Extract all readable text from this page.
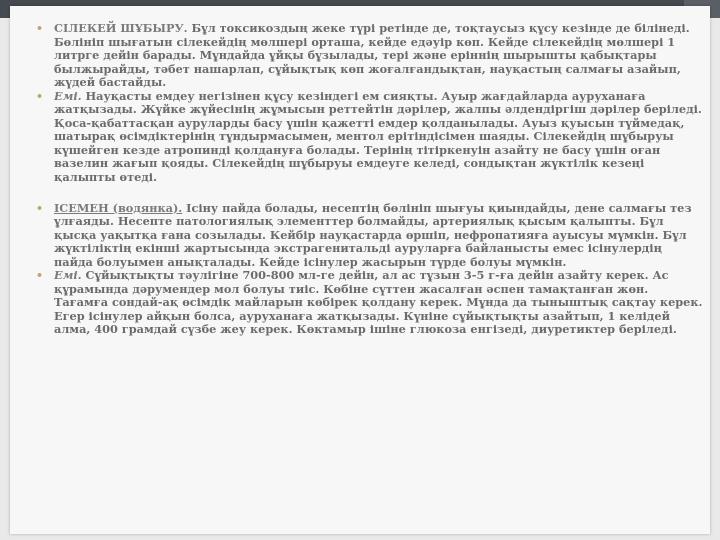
• СІЛЕКЕЙ ШҰБЫРУ. Бұл токсикоздың жеке түрі ретінде де, тоқтаусыз құсу кезінде де білінеді. Бөлініп шығатын сілекейдің мөлшері орташа, кейде едәуір көп. Кейде сілекейдің мөлшері 1 литрге дейін барады. Мұндайда ұйқы бұзылады, тері және еріннің шырышты қабықтары былжырайды, тәбет нашарлап, сұйықтық көп жоғалғандықтан, науқастың салмағы азайып, жүдей бастайды.

• Емі. Науқасты емдеу негізінен құсу кезіндегі ем сияқты. Ауыр жағдайларда ауруханаға жатқызады. Жүйке жүйесінің жұмысын реттейтін дәрілер, жалпы әлдендіргіш дәрілер беріледі. Қоса-қабаттасқан ауруларды басу үшін қажетті емдер қолданылады. Ауыз қуысын түймедақ, шатырақ өсімдіктерінің тұндырмасымен, ментол ерітіндісімен шаяды. Сілекейдің шұбыруы күшейген кезде атропинді қолдануға болады. Терінің тітіркенуін азайту не басу үшін оған вазелин жағып қояды. Сілекейдің шұбыруы емдеуге келеді, сондықтан жүктілік кезеңі қалыпты өтеді.

• ІСЕМЕН (водянка). Ісіну пайда болады, несептің бөлініп шығуы қиындайды, дене салмағы тез ұлғаяды. Несепте патологиялық элементтер болмайды, артериялық қысым қалыпты. Бұл қысқа уақытқа ғана созылады. Кейбір науқастарда өршіп, нефропатияға ауысуы мүмкін. Бұл жүктіліктің екінші жартысында экстрагенитальді ауруларға байланысты емес ісінулердің пайда болуымен анықталады. Кейде ісінулер жасырын түрде болуы мүмкін.

• Емі. Сұйықтықты тәулігіне 700-800 мл-ге дейін, ал ас тұзын 3-5 г-ға дейін азайту керек. Ас құрамында дәрумендер мол болуы тиіс. Көбіне сүттен жасалған әспен тамақтанған жөн. Тағамға сондай-ақ өсімдік майларын көбірек қолдану керек. Мұнда да тыныштық сақтау керек. Егер ісінулер айқын болса, ауруханаға жатқызады. Күніне сұйықтықты азайтып, 1 келідей алма, 400 грамдай сүзбе жеу керек. Көктамыр ішіне глюкоза енгізеді, диуретиктер беріледі.
